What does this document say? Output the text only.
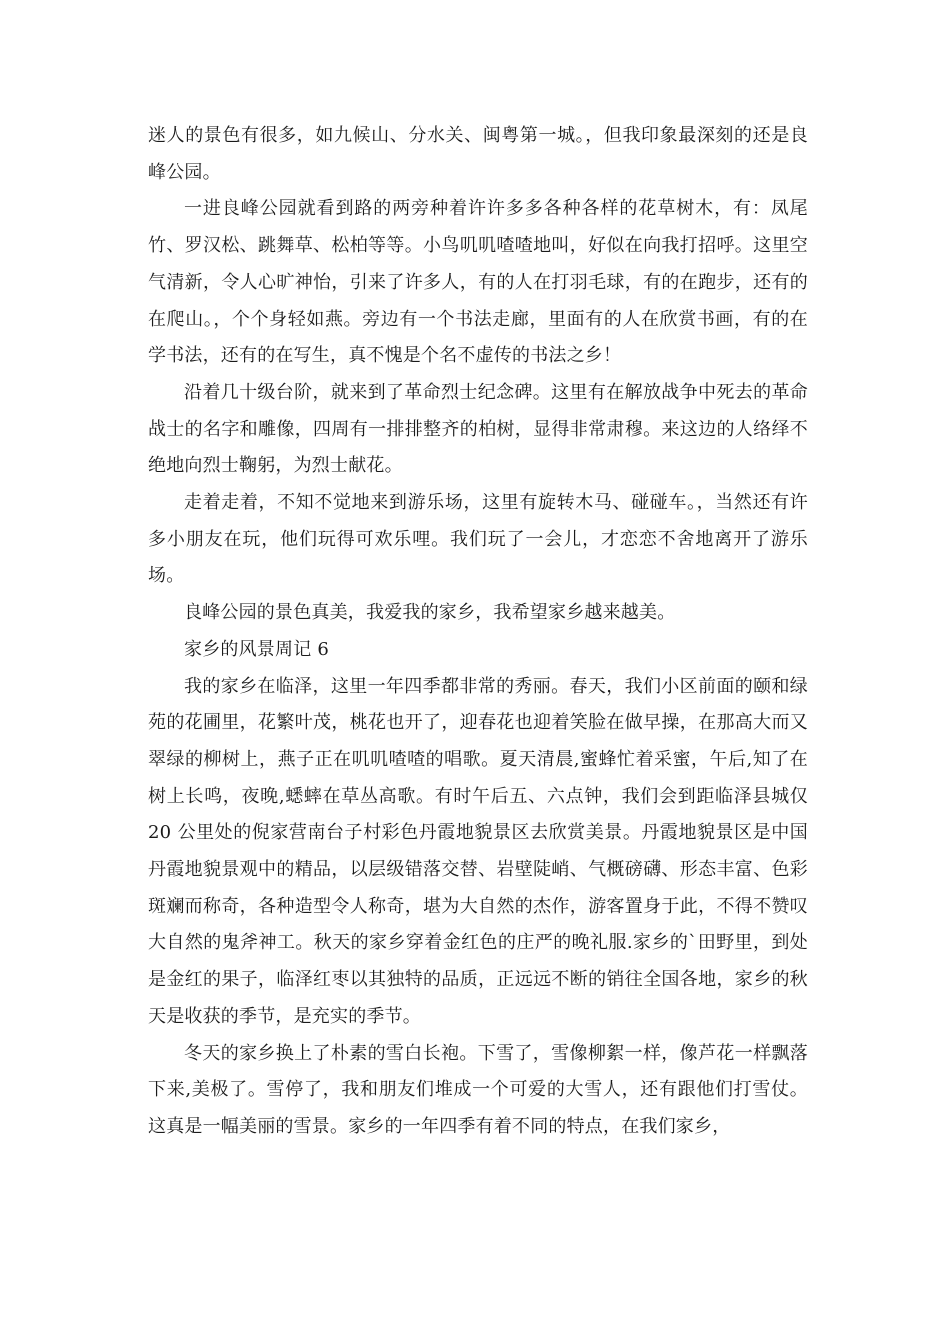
迷人的景色有很多，如九候山、分水关、闽粤第一城。，但我印象最深刻的还是良峰公园。

一进良峰公园就看到路的两旁种着许许多多各种各样的花草树木，有：凤尾竹、罗汉松、跳舞草、松柏等等。小鸟叽叽喳喳地叫，好似在向我打招呼。这里空气清新，令人心旷神怡，引来了许多人，有的人在打羽毛球，有的在跑步，还有的在爬山。，个个身轻如燕。旁边有一个书法走廊，里面有的人在欣赏书画，有的在学书法，还有的在写生，真不愧是个名不虚传的书法之乡！

沿着几十级台阶，就来到了革命烈士纪念碑。这里有在解放战争中死去的革命战士的名字和雕像，四周有一排排整齐的柏树，显得非常肃穆。来这边的人络绎不绝地向烈士鞠躬，为烈士献花。

走着走着，不知不觉地来到游乐场，这里有旋转木马、碰碰车。，当然还有许多小朋友在玩，他们玩得可欢乐哩。我们玩了一会儿，才恋恋不舍地离开了游乐场。

良峰公园的景色真美，我爱我的家乡，我希望家乡越来越美。

家乡的风景周记 6

我的家乡在临泽，这里一年四季都非常的秀丽。春天，我们小区前面的颐和绿苑的花圃里，花繁叶茂，桃花也开了，迎春花也迎着笑脸在做早操，在那高大而又翠绿的柳树上，燕子正在叽叽喳喳的唱歌。夏天清晨,蜜蜂忙着采蜜，午后,知了在树上长鸣，夜晚,蟋蟀在草丛高歌。有时午后五、六点钟，我们会到距临泽县城仅 20 公里处的倪家营南台子村彩色丹霞地貌景区去欣赏美景。丹霞地貌景区是中国丹霞地貌景观中的精品，以层级错落交替、岩壁陡峭、气概磅礴、形态丰富、色彩斑斓而称奇，各种造型令人称奇，堪为大自然的杰作，游客置身于此，不得不赞叹大自然的鬼斧神工。秋天的家乡穿着金红色的庄严的晚礼服.家乡的`田野里，到处是金红的果子，临泽红枣以其独特的品质，正远远不断的销往全国各地，家乡的秋天是收获的季节，是充实的季节。

冬天的家乡换上了朴素的雪白长袍。下雪了，雪像柳絮一样，像芦花一样飘落下来,美极了。雪停了，我和朋友们堆成一个可爱的大雪人，还有跟他们打雪仗。这真是一幅美丽的雪景。家乡的一年四季有着不同的特点，在我们家乡，
